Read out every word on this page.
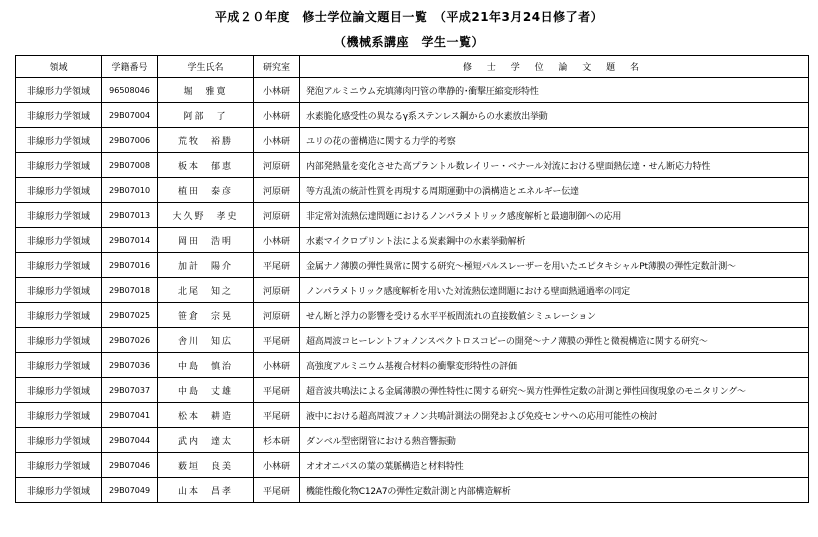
平成２０年度　修士学位論文題目一覧　（平成21年3月24日修了者）
（機械系講座　学生一覧）
領域	学籍番号	学生氏名	研究室	修 士 学 位 論 文 題 名
非線形力学領域	96508046	堀　雅寛	小林研	発泡アルミニウム充填薄肉円管の準静的･衝撃圧縮変形特性
非線形力学領域	29B07004	阿部　了	小林研	水素脆化感受性の異なるγ系ステンレス鋼からの水素放出挙動
非線形力学領域	29B07006	荒牧　裕勝	小林研	ユリの花の蕾構造に関する力学的考察
非線形力学領域	29B07008	板本　郁恵	河原研	内部発熱量を変化させた高プラントル数レイリー・ベナール対流における壁面熱伝達・せん断応力特性
非線形力学領域	29B07010	植田　泰彦	河原研	等方乱流の統計性質を再現する周期運動中の渦構造とエネルギー伝達
非線形力学領域	29B07013	大久野　孝史	河原研	非定常対流熱伝達問題におけるノンパラメトリック感度解析と最適制御への応用
非線形力学領域	29B07014	岡田　浩明	小林研	水素マイクロプリント法による炭素鋼中の水素挙動解析
非線形力学領域	29B07016	加計　陽介	平尾研	金属ナノ薄膜の弾性異常に関する研究～極短パルスレーザーを用いたエピタキシャルPt薄膜の弾性定数計測～
非線形力学領域	29B07018	北尾　知之	河原研	ノンパラメトリック感度解析を用いた対流熱伝達問題における壁面熱通過率の同定
非線形力学領域	29B07025	笹倉　宗晃	河原研	せん断と浮力の影響を受ける水平平板間流れの直接数値シミュレーション
非線形力学領域	29B07026	舎川　知広	平尾研	超高周波コヒーレントフォノンスペクトロスコピーの開発～ナノ薄膜の弾性と微視構造に関する研究～
非線形力学領域	29B07036	中島　慎治	小林研	高強度アルミニウム基複合材料の衝撃変形特性の評価
非線形力学領域	29B07037	中島　丈雄	平尾研	超音波共鳴法による金属薄膜の弾性特性に関する研究～異方性弾性定数の計測と弾性回復現象のモニタリング～
非線形力学領域	29B07041	松本　耕造	平尾研	液中における超高周波フォノン共鳴計測法の開発および免疫センサへの応用可能性の検討
非線形力学領域	29B07044	武内　達太	杉本研	ダンベル型密閉管における熱音響振動
非線形力学領域	29B07046	薮垣　良美	小林研	オオオニバスの葉の葉脈構造と材料特性
非線形力学領域	29B07049	山本　昌孝	平尾研	機能性酸化物C12A7の弾性定数計測と内部構造解析
